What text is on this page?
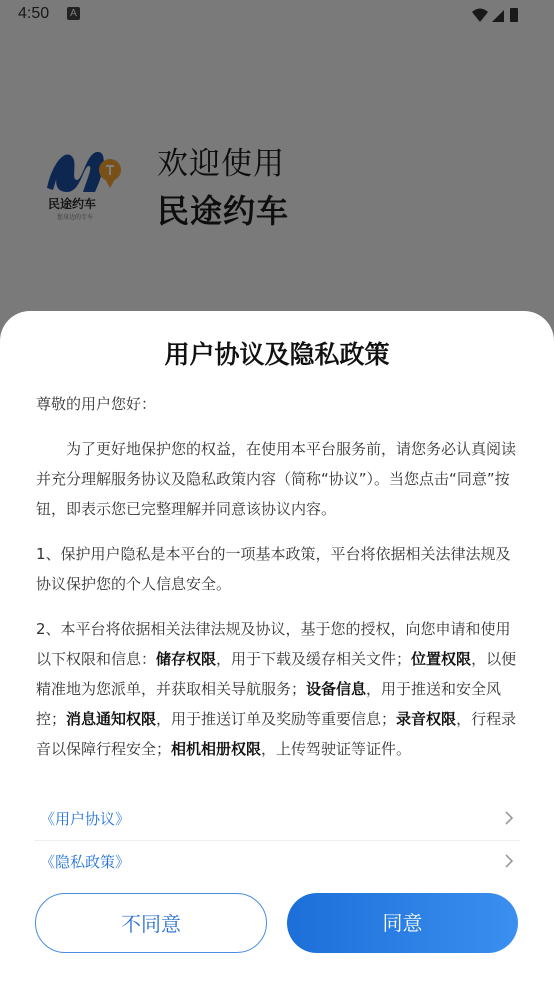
用户协议及隐私政策

尊敬的用户您好：

为了更好地保护您的权益，在使用本平台服务前，请您务必认真阅读并充分理解服务协议及隐私政策内容（简称“协议”）。当您点击“同意”按钮，即表示您已完整理解并同意该协议内容。

1、保护用户隐私是本平台的一项基本政策，平台将依据相关法律法规及协议保护您的个人信息安全。

2、本平台将依据相关法律法规及协议，基于您的授权，向您申请和使用以下权限和信息：储存权限，用于下载及缓存相关文件；位置权限，以便精准地为您派单，并获取相关导航服务；设备信息，用于推送和安全风控；消息通知权限，用于推送订单及奖励等重要信息；录音权限，行程录音以保障行程安全；相机相册权限，上传驾驶证等证件。

《用户协议》
《隐私政策》
不同意	同意
